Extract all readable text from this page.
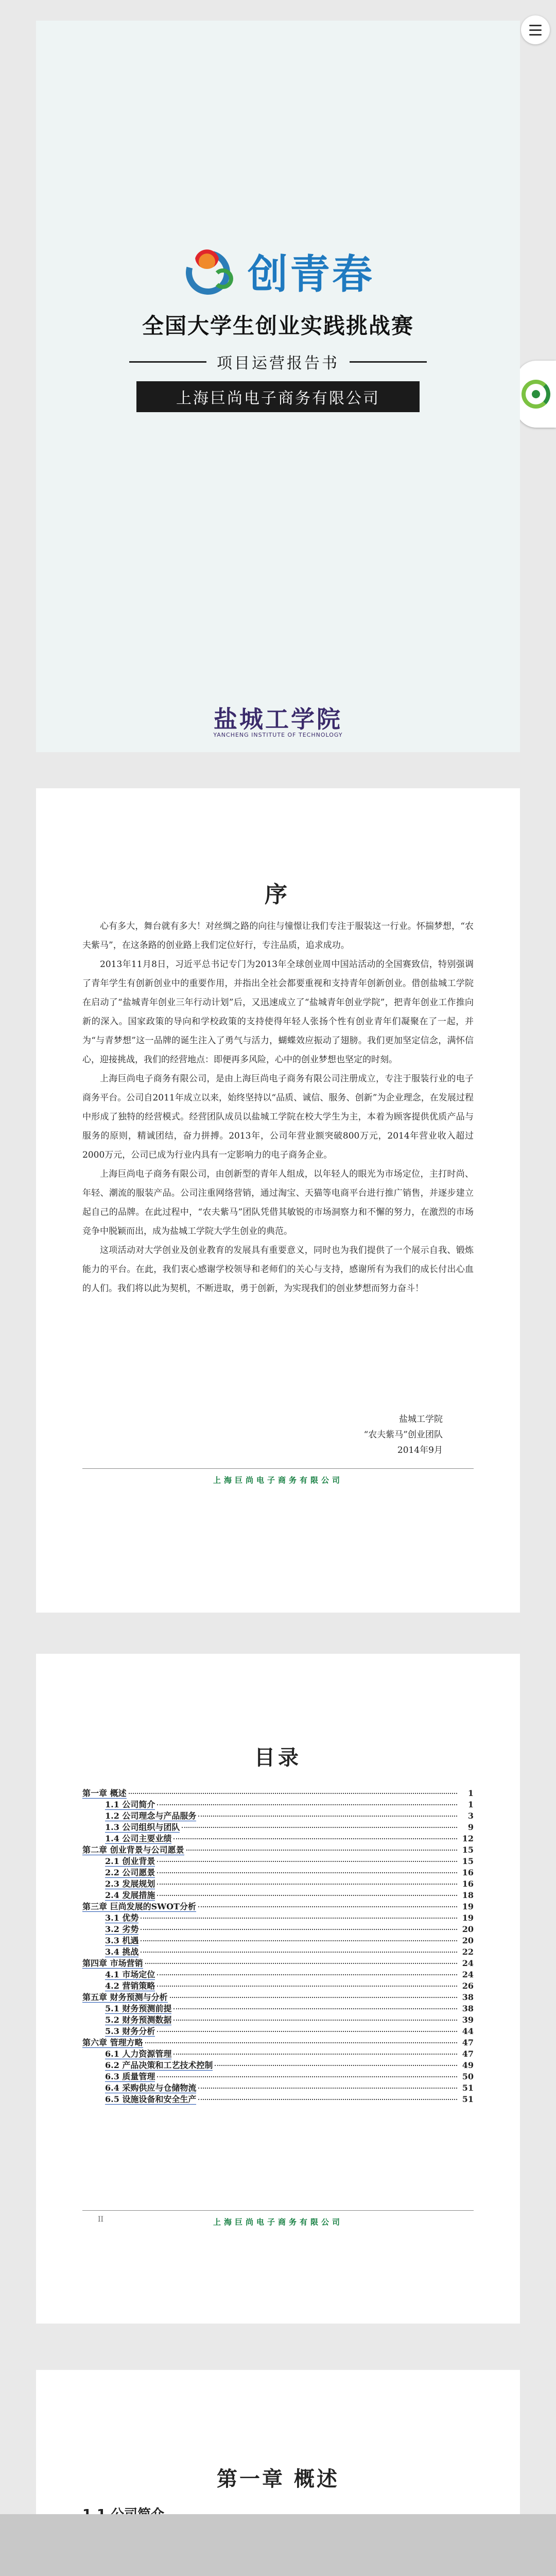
创青春
全国大学生创业实践挑战赛
项目运营报告书
上海巨尚电子商务有限公司
盐城工学院
YANCHENG INSTITUTE OF TECHNOLOGY
序

心有多大，舞台就有多大！对丝绸之路的向往与憧憬让我们专注于服装这一行业。怀揣梦想，“农夫紫马”，在这条路的创业路上我们定位好行，专注品质，追求成功。

2013年11月8日，习近平总书记专门为2013年全球创业周中国站活动的全国赛致信，特别强调了青年学生有创新创业中的重要作用，并指出全社会都要重视和支持青年创新创业。借创盐城工学院在启动了“盐城青年创业三年行动计划”后，又迅速成立了“盐城青年创业学院”，把青年创业工作推向新的深入。国家政策的导向和学校政策的支持使得年轻人张扬个性有创业青年们凝聚在了一起，并为“与青梦想”这一品牌的诞生注入了勇气与活力，蝴蝶效应振动了翅膀。我们更加坚定信念，满怀信心，迎接挑战，我们的经营地点：即便再多风险，心中的创业梦想也坚定的时刻。

上海巨尚电子商务有限公司，是由上海巨尚电子商务有限公司注册成立，专注于服装行业的电子商务平台。公司自2011年成立以来，始终坚持以“品质、诚信、服务、创新”为企业理念，在发展过程中形成了独特的经营模式。经营团队成员以盐城工学院在校大学生为主，本着为顾客提供优质产品与服务的原则，精诚团结，奋力拼搏。2013年，公司年营业额突破800万元，2014年营业收入超过2000万元，公司已成为行业内具有一定影响力的电子商务企业。

上海巨尚电子商务有限公司，由创新型的青年人组成，以年轻人的眼光为市场定位，主打时尚、年轻、潮流的服装产品。公司注重网络营销，通过淘宝、天猫等电商平台进行推广销售，并逐步建立起自己的品牌。在此过程中，“农夫紫马”团队凭借其敏锐的市场洞察力和不懈的努力，在激烈的市场竞争中脱颖而出，成为盐城工学院大学生创业的典范。

这项活动对大学创业及创业教育的发展具有重要意义，同时也为我们提供了一个展示自我、锻炼能力的平台。在此，我们衷心感谢学校领导和老师们的关心与支持，感谢所有为我们的成长付出心血的人们。我们将以此为契机，不断进取，勇于创新，为实现我们的创业梦想而努力奋斗！

盐城工学院
“农夫紫马”创业团队
2014年9月
上海巨尚电子商务有限公司
目录
第一章 概述	1
1.1 公司简介	1
1.2 公司理念与产品服务	3
1.3 公司组织与团队	9
1.4 公司主要业绩	12
第二章 创业背景与公司愿景	15
2.1 创业背景	15
2.2 公司愿景	16
2.3 发展规划	16
2.4 发展措施	18
第三章 巨尚发展的SWOT分析	19
3.1 优势	19
3.2 劣势	20
3.3 机遇	20
3.4 挑战	22
第四章 市场营销	24
4.1 市场定位	24
4.2 营销策略	26
第五章 财务预测与分析	38
5.1 财务预测前提	38
5.2 财务预测数据	39
5.3 财务分析	44
第六章 管理方略	47
6.1 人力资源管理	47
6.2 产品决策和工艺技术控制	49
6.3 质量管理	50
6.4 采购供应与仓储物流	51
6.5 设施设备和安全生产	51
II	上海巨尚电子商务有限公司
第一章 概述
